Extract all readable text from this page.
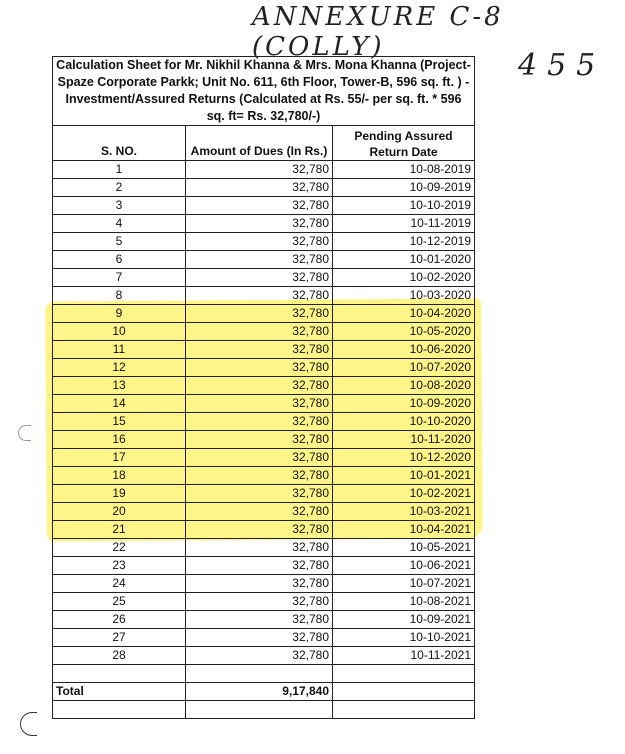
ANNEXURE C-8 (COLLY)
455
Calculation Sheet for Mr. Nikhil Khanna & Mrs. Mona Khanna (Project-Spaze Corporate Parkk; Unit No. 611, 6th Floor, Tower-B, 596 sq. ft. ) - Investment/Assured Returns (Calculated at Rs. 55/- per sq. ft. * 596 sq. ft= Rs. 32,780/-)		
S. NO.	Amount of Dues (In Rs.)	Pending Assured Return Date
1	32,780	10-08-2019
2	32,780	10-09-2019
3	32,780	10-10-2019
4	32,780	10-11-2019
5	32,780	10-12-2019
6	32,780	10-01-2020
7	32,780	10-02-2020
8	32,780	10-03-2020
9	32,780	10-04-2020
10	32,780	10-05-2020
11	32,780	10-06-2020
12	32,780	10-07-2020
13	32,780	10-08-2020
14	32,780	10-09-2020
15	32,780	10-10-2020
16	32,780	10-11-2020
17	32,780	10-12-2020
18	32,780	10-01-2021
19	32,780	10-02-2021
20	32,780	10-03-2021
21	32,780	10-04-2021
22	32,780	10-05-2021
23	32,780	10-06-2021
24	32,780	10-07-2021
25	32,780	10-08-2021
26	32,780	10-09-2021
27	32,780	10-10-2021
28	32,780	10-11-2021

Total	9,17,840	
